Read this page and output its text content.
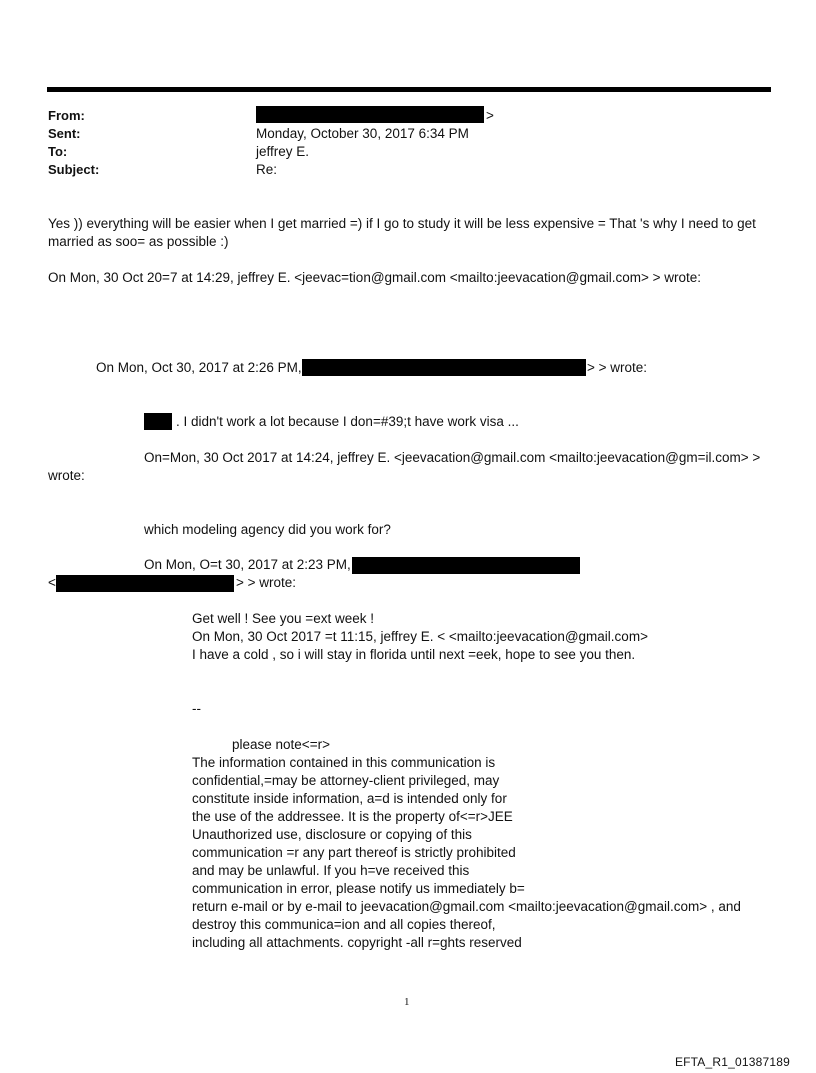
From:	>
Sent:	Monday, October 30, 2017 6:34 PM
To:	jeffrey E.
Subject:	Re:
Yes )) everything will be easier when I get married =) if I go to study it will be less expensive = That 's why I need to get
married as soo= as possible :)
On Mon, 30 Oct 20=7 at 14:29, jeffrey E. <jeevac=tion@gmail.com <mailto:jeevacation@gmail.com> > wrote:
On Mon, Oct 30, 2017 at 2:26 PM,	> > wrote:
. I didn't work a lot because I don=#39;t have work visa ...
On=Mon, 30 Oct 2017 at 14:24, jeffrey E. <jeevacation@gmail.com <mailto:jeevacation@gm=il.com> >
wrote:
which modeling agency did you work for?
On Mon, O=t 30, 2017 at 2:23 PM,
<	> > wrote:
Get well ! See you =ext week !
On Mon, 30 Oct 2017 =t 11:15, jeffrey E. < <mailto:jeevacation@gmail.com>
I have a cold , so i will stay in florida until next =eek, hope to see you then.
--
please note<=r>
The information contained in this communication is
confidential,=may be attorney-client privileged, may
constitute inside information, a=d is intended only for
the use of the addressee. It is the property of<=r>JEE
Unauthorized use, disclosure or copying of this
communication =r any part thereof is strictly prohibited
and may be unlawful. If you h=ve received this
communication in error, please notify us immediately b=
return e-mail or by e-mail to jeevacation@gmail.com <mailto:jeevacation@gmail.com> , and
destroy this communica=ion and all copies thereof,
including all attachments. copyright -all r=ghts reserved
1
EFTA_R1_01387189
